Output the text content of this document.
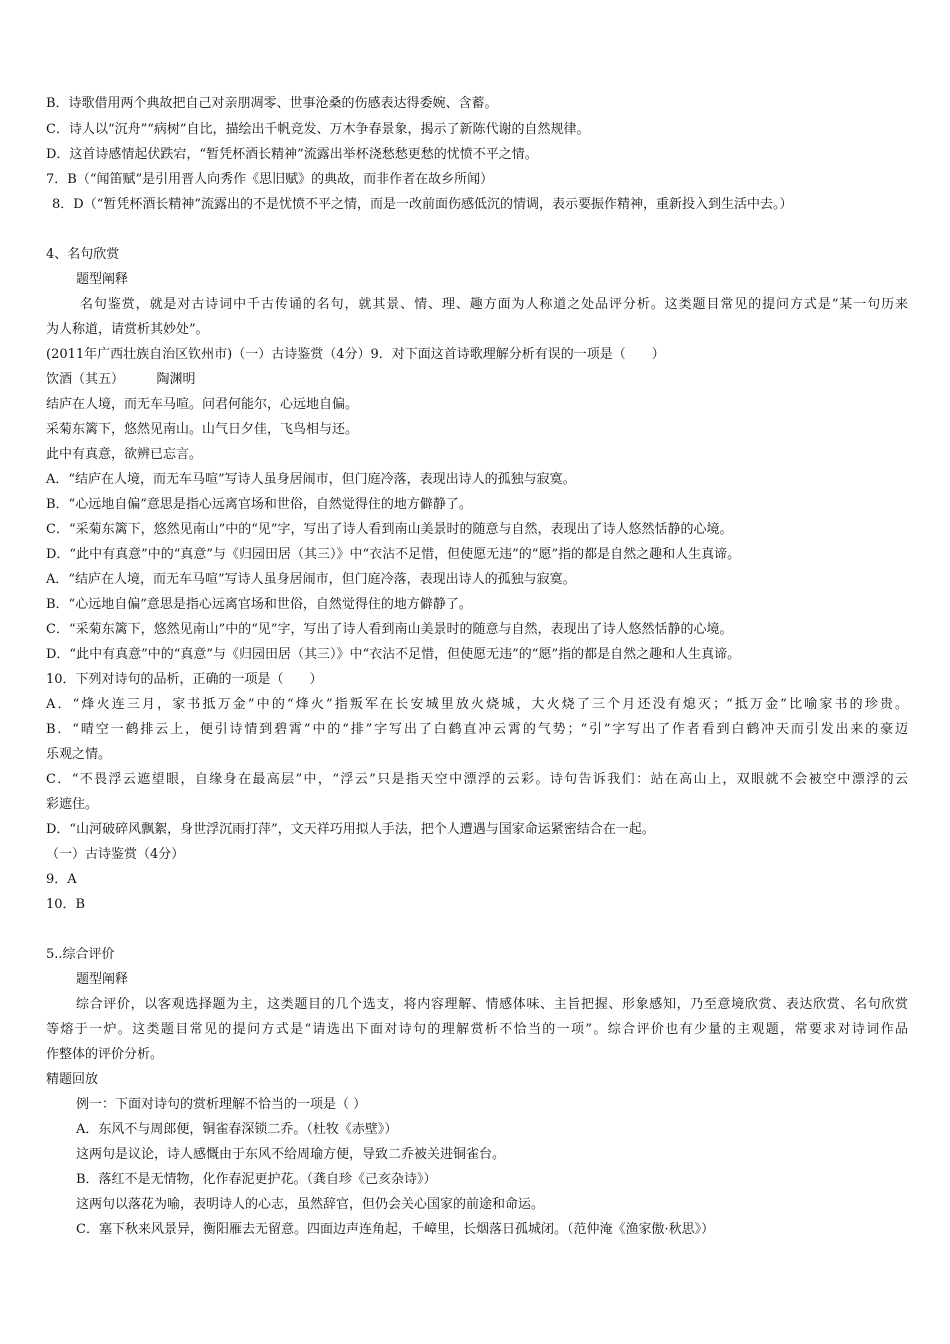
B．诗歌借用两个典故把自己对亲朋凋零、世事沧桑的伤感表达得委婉、含蓄。
C．诗人以“沉舟”“病树”自比，描绘出千帆竞发、万木争春景象，揭示了新陈代谢的自然规律。
D．这首诗感情起伏跌宕，“暂凭杯酒长精神”流露出举杯浇愁愁更愁的忧愤不平之情。
7．B（“闻笛赋”是引用晋人向秀作《思旧赋》的典故，而非作者在故乡所闻）
8．D（“暂凭杯酒长精神”流露出的不是忧愤不平之情，而是一改前面伤感低沉的情调，表示要振作精神，重新投入到生活中去。）
4、名句欣赏
题型阐释
名句鉴赏，就是对古诗词中千古传诵的名句，就其景、情、理、趣方面为人称道之处品评分析。这类题目常见的提问方式是“某一句历来
为人称道，请赏析其妙处”。
(2011年广西壮族自治区钦州市)（一）古诗鉴赏（4分）9．对下面这首诗歌理解分析有误的一项是（　　）
饮酒（其五）　　　陶渊明
结庐在人境，而无车马喧。问君何能尔，心远地自偏。
采菊东篱下，悠然见南山。山气日夕佳，飞鸟相与还。
此中有真意，欲辨已忘言。
A．“结庐在人境，而无车马喧”写诗人虽身居闹市，但门庭冷落，表现出诗人的孤独与寂寞。
B．“心远地自偏”意思是指心远离官场和世俗，自然觉得住的地方僻静了。
C．“采菊东篱下，悠然见南山”中的“见”字，写出了诗人看到南山美景时的随意与自然，表现出了诗人悠然恬静的心境。
D．“此中有真意”中的“真意”与《归园田居（其三）》中“衣沾不足惜，但使愿无违”的“愿”指的都是自然之趣和人生真谛。
A．“结庐在人境，而无车马喧”写诗人虽身居闹市，但门庭冷落，表现出诗人的孤独与寂寞。
B．“心远地自偏”意思是指心远离官场和世俗，自然觉得住的地方僻静了。
C．“采菊东篱下，悠然见南山”中的“见”字，写出了诗人看到南山美景时的随意与自然，表现出了诗人悠然恬静的心境。
D．“此中有真意”中的“真意”与《归园田居（其三）》中“衣沾不足惜，但使愿无违”的“愿”指的都是自然之趣和人生真谛。
10．下列对诗句的品析，正确的一项是（　　）
A．“烽火连三月，家书抵万金”中的“烽火”指叛军在长安城里放火烧城，大火烧了三个月还没有熄灭；“抵万金”比喻家书的珍贵。
B．“晴空一鹤排云上，便引诗情到碧霄”中的“排”字写出了白鹤直冲云霄的气势；“引”字写出了作者看到白鹤冲天而引发出来的豪迈
乐观之情。
C．“不畏浮云遮望眼，自缘身在最高层”中，“浮云”只是指天空中漂浮的云彩。诗句告诉我们：站在高山上，双眼就不会被空中漂浮的云
彩遮住。
D．“山河破碎风飘絮，身世浮沉雨打萍”，文天祥巧用拟人手法，把个人遭遇与国家命运紧密结合在一起。
（一）古诗鉴赏（4分）
9．A
10．B
5..综合评价
题型阐释
综合评价，以客观选择题为主，这类题目的几个选支，将内容理解、情感体味、主旨把握、形象感知，乃至意境欣赏、表达欣赏、名句欣赏
等熔于一炉。这类题目常见的提问方式是“请选出下面对诗句的理解赏析不恰当的一项”。综合评价也有少量的主观题，常要求对诗词作品
作整体的评价分析。
精题回放
例一：下面对诗句的赏析理解不恰当的一项是（ ）
A．东风不与周郎便，铜雀春深锁二乔。（杜牧《赤壁》）
这两句是议论，诗人感慨由于东风不给周瑜方便，导致二乔被关进铜雀台。
B．落红不是无情物，化作春泥更护花。（龚自珍《己亥杂诗》）
这两句以落花为喻，表明诗人的心志，虽然辞官，但仍会关心国家的前途和命运。
C．塞下秋来风景异，衡阳雁去无留意。四面边声连角起，千嶂里，长烟落日孤城闭。（范仲淹《渔家傲·秋思》）
